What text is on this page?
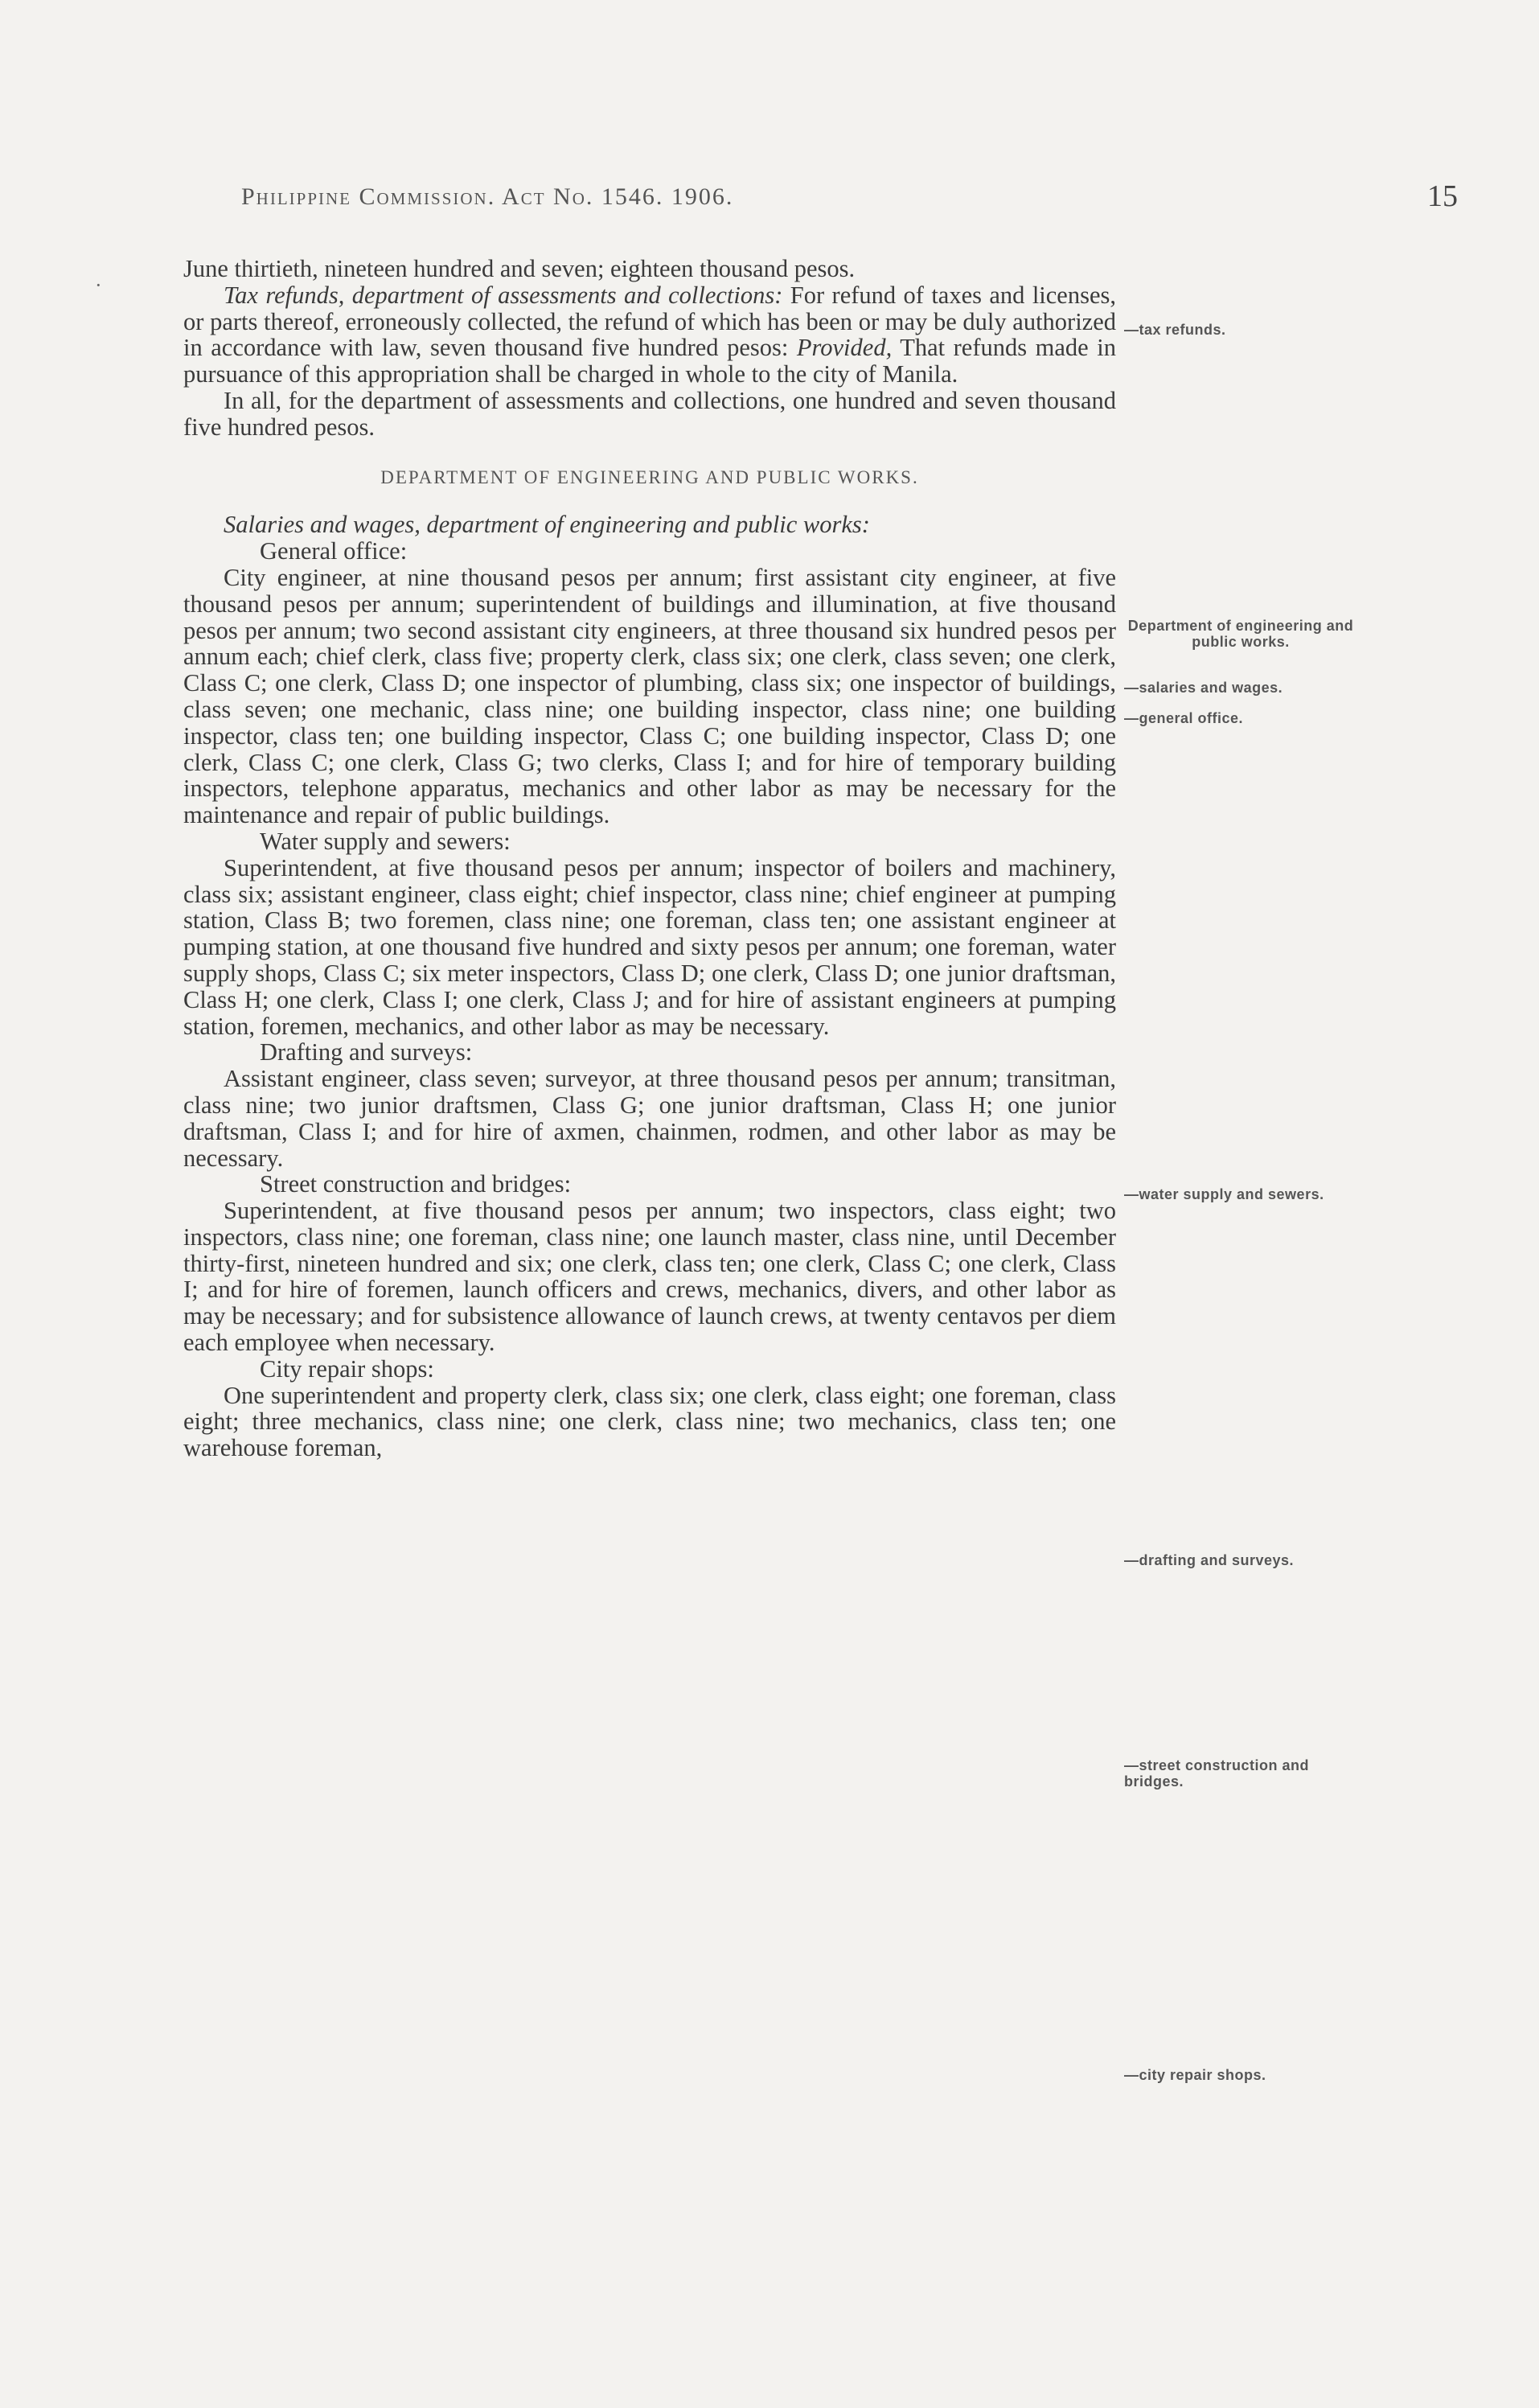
Philippine Commission. Act No. 1546. 1906.	15
·

June thirtieth, nineteen hundred and seven; eighteen thousand pesos.

Tax refunds, department of assessments and collections: For refund of taxes and licenses, or parts thereof, erroneously collected, the refund of which has been or may be duly authorized in accordance with law, seven thousand five hundred pesos: Provided, That refunds made in pursuance of this appropriation shall be charged in whole to the city of Manila.

In all, for the department of assessments and collections, one hundred and seven thousand five hundred pesos.

DEPARTMENT OF ENGINEERING AND PUBLIC WORKS.

Salaries and wages, department of engineering and public works:

General office:

City engineer, at nine thousand pesos per annum; first assistant city engineer, at five thousand pesos per annum; superintendent of buildings and illumination, at five thousand pesos per annum; two second assistant city engineers, at three thousand six hundred pesos per annum each; chief clerk, class five; property clerk, class six; one clerk, class seven; one clerk, Class C; one clerk, Class D; one inspector of plumbing, class six; one inspector of buildings, class seven; one mechanic, class nine; one building inspector, class nine; one building inspector, class ten; one building inspector, Class C; one building inspector, Class D; one clerk, Class C; one clerk, Class G; two clerks, Class I; and for hire of temporary building inspectors, telephone apparatus, mechanics and other labor as may be necessary for the maintenance and repair of public buildings.

Water supply and sewers:

Superintendent, at five thousand pesos per annum; inspector of boilers and machinery, class six; assistant engineer, class eight; chief inspector, class nine; chief engineer at pumping station, Class B; two foremen, class nine; one foreman, class ten; one assistant engineer at pumping station, at one thousand five hundred and sixty pesos per annum; one foreman, water supply shops, Class C; six meter inspectors, Class D; one clerk, Class D; one junior draftsman, Class H; one clerk, Class I; one clerk, Class J; and for hire of assistant engineers at pumping station, foremen, mechanics, and other labor as may be necessary.

Drafting and surveys:

Assistant engineer, class seven; surveyor, at three thousand pesos per annum; transitman, class nine; two junior draftsmen, Class G; one junior draftsman, Class H; one junior draftsman, Class I; and for hire of axmen, chainmen, rodmen, and other labor as may be necessary.

Street construction and bridges:

Superintendent, at five thousand pesos per annum; two inspectors, class eight; two inspectors, class nine; one foreman, class nine; one launch master, class nine, until December thirty-first, nineteen hundred and six; one clerk, class ten; one clerk, Class C; one clerk, Class I; and for hire of foremen, launch officers and crews, mechanics, divers, and other labor as may be necessary; and for subsistence allowance of launch crews, at twenty centavos per diem each employee when necessary.

City repair shops:

One superintendent and property clerk, class six; one clerk, class eight; one foreman, class eight; three mechanics, class nine; one clerk, class nine; two mechanics, class ten; one warehouse foreman,

—tax refunds.
Department of engineering and public works.
—salaries and wages.
—general office.
—water supply and sewers.
—drafting and surveys.
—street construction and bridges.
—city repair shops.
